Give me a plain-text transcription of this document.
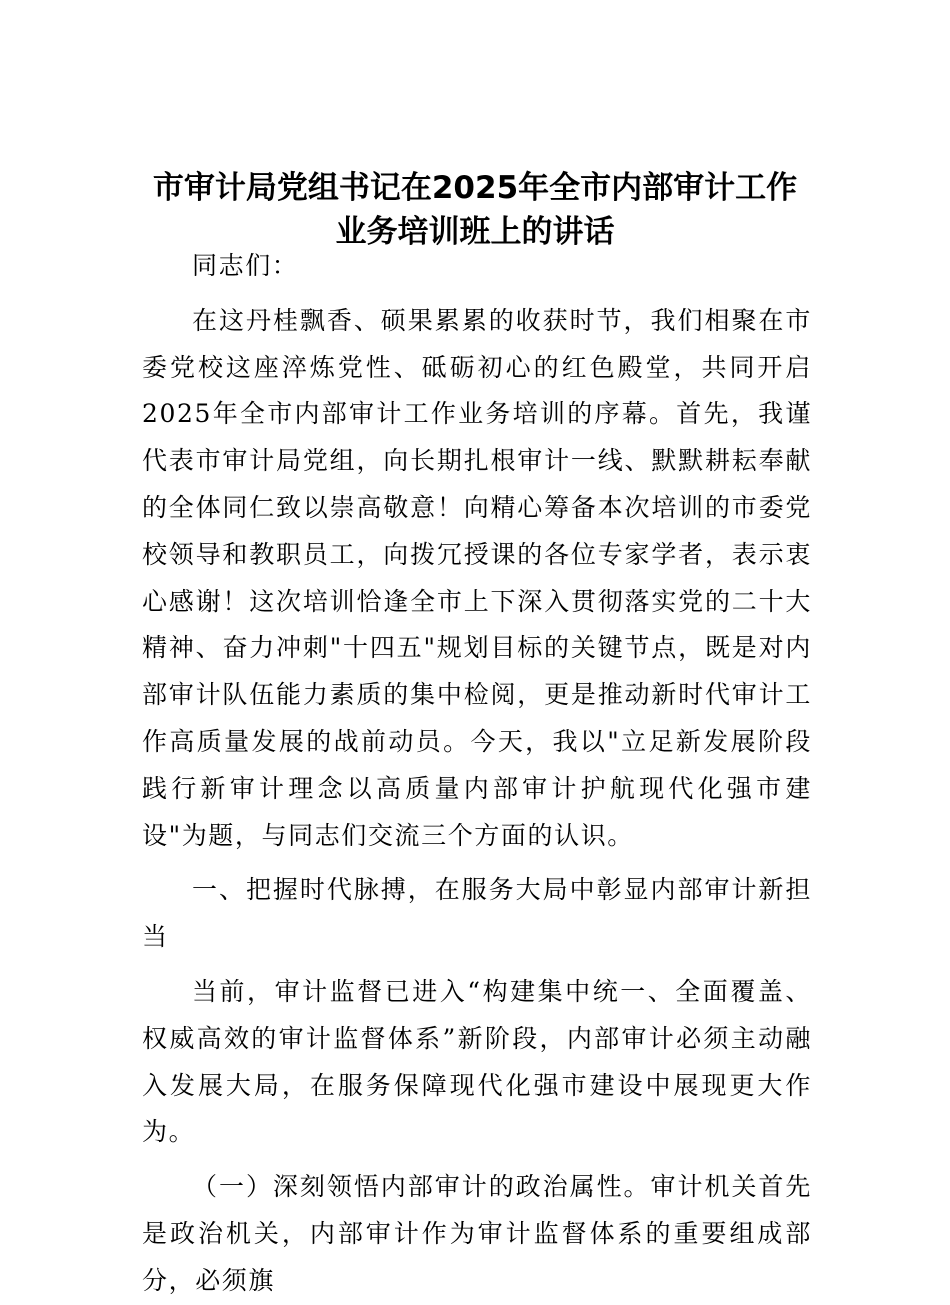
市审计局党组书记在2025年全市内部审计工作
业务培训班上的讲话

同志们：

在这丹桂飘香、硕果累累的收获时节，我们相聚在市委党校这座淬炼党性、砥砺初心的红色殿堂，共同开启2025年全市内部审计工作业务培训的序幕。首先，我谨代表市审计局党组，向长期扎根审计一线、默默耕耘奉献的全体同仁致以崇高敬意！向精心筹备本次培训的市委党校领导和教职员工，向拨冗授课的各位专家学者，表示衷心感谢！这次培训恰逢全市上下深入贯彻落实党的二十大精神、奋力冲刺"十四五"规划目标的关键节点，既是对内部审计队伍能力素质的集中检阅，更是推动新时代审计工作高质量发展的战前动员。今天，我以"立足新发展阶段践行新审计理念以高质量内部审计护航现代化强市建设"为题，与同志们交流三个方面的认识。

一、把握时代脉搏，在服务大局中彰显内部审计新担当

当前，审计监督已进入“构建集中统一、全面覆盖、权威高效的审计监督体系”新阶段，内部审计必须主动融入发展大局，在服务保障现代化强市建设中展现更大作为。

（一）深刻领悟内部审计的政治属性。审计机关首先是政治机关，内部审计作为审计监督体系的重要组成部分，必须旗
